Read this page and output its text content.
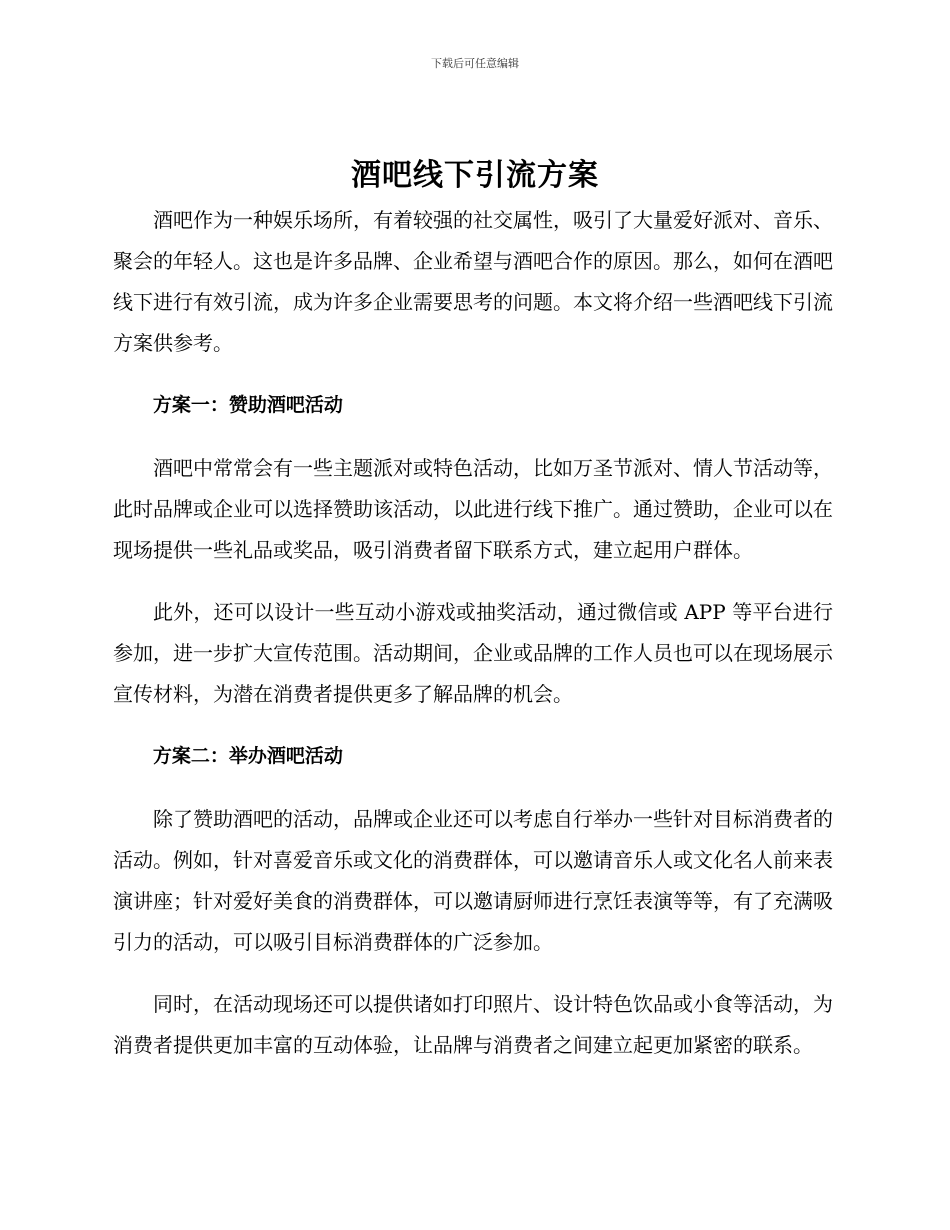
下载后可任意编辑
酒吧线下引流方案

酒吧作为一种娱乐场所，有着较强的社交属性，吸引了大量爱好派对、音乐、聚会的年轻人。这也是许多品牌、企业希望与酒吧合作的原因。那么，如何在酒吧线下进行有效引流，成为许多企业需要思考的问题。本文将介绍一些酒吧线下引流方案供参考。

方案一：赞助酒吧活动

酒吧中常常会有一些主题派对或特色活动，比如万圣节派对、情人节活动等，此时品牌或企业可以选择赞助该活动，以此进行线下推广。通过赞助，企业可以在现场提供一些礼品或奖品，吸引消费者留下联系方式，建立起用户群体。

此外，还可以设计一些互动小游戏或抽奖活动，通过微信或 APP 等平台进行参加，进一步扩大宣传范围。活动期间，企业或品牌的工作人员也可以在现场展示宣传材料，为潜在消费者提供更多了解品牌的机会。

方案二：举办酒吧活动

除了赞助酒吧的活动，品牌或企业还可以考虑自行举办一些针对目标消费者的活动。例如，针对喜爱音乐或文化的消费群体，可以邀请音乐人或文化名人前来表演讲座；针对爱好美食的消费群体，可以邀请厨师进行烹饪表演等等，有了充满吸引力的活动，可以吸引目标消费群体的广泛参加。

同时，在活动现场还可以提供诸如打印照片、设计特色饮品或小食等活动，为消费者提供更加丰富的互动体验，让品牌与消费者之间建立起更加紧密的联系。
